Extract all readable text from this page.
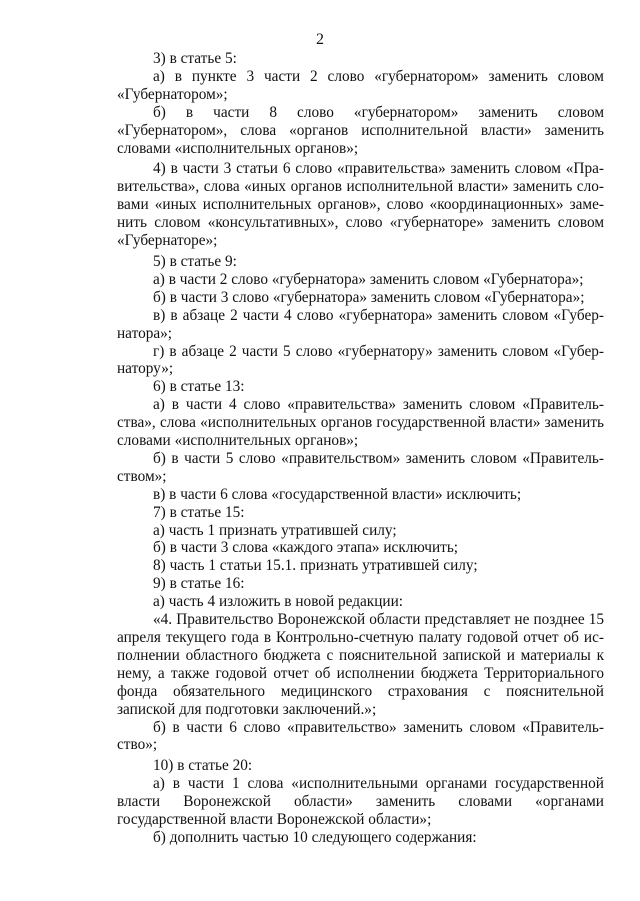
2

3) в статье 5:

а) в пункте 3 части 2 слово «губернатором» заменить словом «Губернатором»;

б) в части 8 слово «губернатором» заменить словом «Губернатором», слова «органов исполнительной власти» заменить словами «исполнительных органов»;

4) в части 3 статьи 6 слово «правительства» заменить словом «Правительства», слова «иных органов исполнительной власти» заменить словами «иных исполнительных органов», слово «координационных» заменить словом «консультативных», слово «губернаторе» заменить словом «Губернаторе»;

5) в статье 9:

а) в части 2 слово «губернатора» заменить словом «Губернатора»;

б) в части 3 слово «губернатора» заменить словом «Губернатора»;

в) в абзаце 2 части 4 слово «губернатора» заменить словом «Губернатора»;

г) в абзаце 2 части 5 слово «губернатору» заменить словом «Губернатору»;

6) в статье 13:

а) в части 4 слово «правительства» заменить словом «Правительства», слова «исполнительных органов государственной власти» заменить словами «исполнительных органов»;

б) в части 5 слово «правительством» заменить словом «Правительством»;

в) в части 6 слова «государственной власти» исключить;

7) в статье 15:

а) часть 1 признать утратившей силу;

б) в части 3 слова «каждого этапа» исключить;

8) часть 1 статьи 15.1. признать утратившей силу;

9) в статье 16:

а) часть 4 изложить в новой редакции:

«4. Правительство Воронежской области представляет не позднее 15 апреля текущего года в Контрольно-счетную палату годовой отчет об исполнении областного бюджета с пояснительной запиской и материалы к нему, а также годовой отчет об исполнении бюджета Территориального фонда обязательного медицинского страхования с пояснительной запиской для подготовки заключений.»;

б) в части 6 слово «правительство» заменить словом «Правительство»;

10) в статье 20:

а) в части 1 слова «исполнительными органами государственной власти Воронежской области» заменить словами «органами государственной власти Воронежской области»;

б) дополнить частью 10 следующего содержания:
